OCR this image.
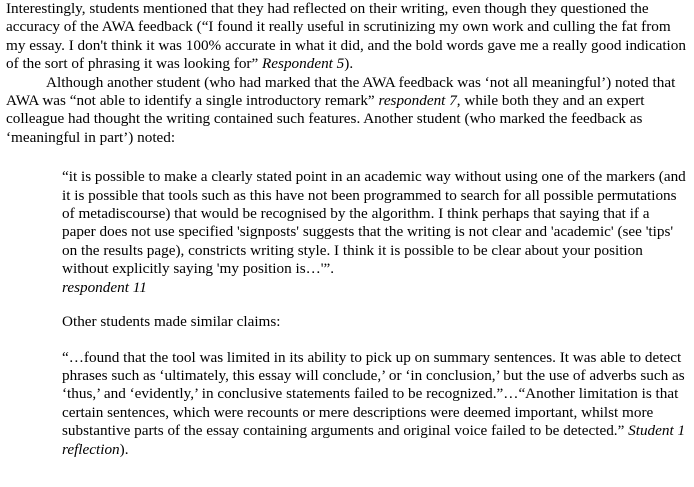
Interestingly, students mentioned that they had reflected on their writing, even though they questioned the accuracy of the AWA feedback (“I found it really useful in scrutinizing my own work and culling the fat from my essay. I don't think it was 100% accurate in what it did, and the bold words gave me a really good indication of the sort of phrasing it was looking for” Respondent 5).

Although another student (who had marked that the AWA feedback was ‘not all meaningful’) noted that AWA was “not able to identify a single introductory remark” respondent 7, while both they and an expert colleague had thought the writing contained such features. Another student (who marked the feedback as ‘meaningful in part’) noted:

“it is possible to make a clearly stated point in an academic way without using one of the markers (and it is possible that tools such as this have not been programmed to search for all possible permutations of metadiscourse) that would be recognised by the algorithm. I think perhaps that saying that if a paper does not use specified 'signposts' suggests that the writing is not clear and 'academic' (see 'tips' on the results page), constricts writing style. I think it is possible to be clear about your position without explicitly saying 'my position is…'”.
respondent 11

Other students made similar claims:

“…found that the tool was limited in its ability to pick up on summary sentences. It was able to detect phrases such as ‘ultimately, this essay will conclude,’ or ‘in conclusion,’ but the use of adverbs such as ‘thus,’ and ‘evidently,’ in conclusive statements failed to be recognized.”…“Another limitation is that certain sentences, which were recounts or mere descriptions were deemed important, whilst more substantive parts of the essay containing arguments and original voice failed to be detected.” Student 1 reflection).
